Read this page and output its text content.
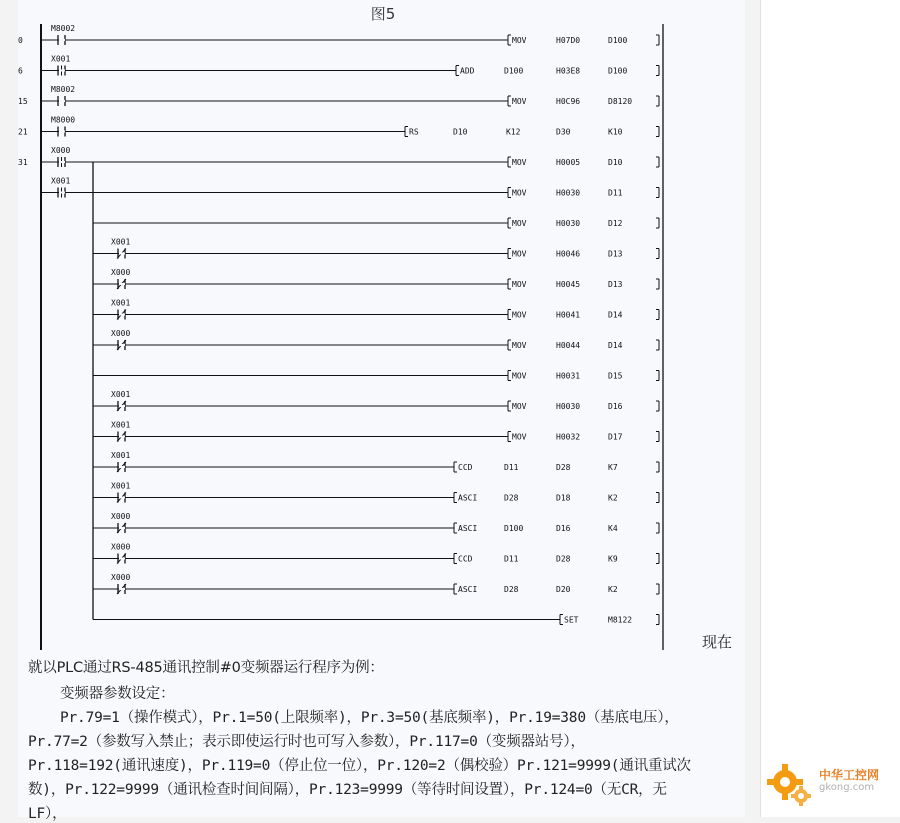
图5
0
M8002
MOV	H07D0	D100
6
X001
ADD	D100	H03E8	D100
15
M8002
MOV	H0C96	D8120
21
M8000
RS	D10	K12	D30	K10
31
X000
X001
MOV	H0005	D10
MOV	H0030	D11
MOV	H0030	D12
X001
MOV	H0046	D13
X000
MOV	H0045	D13
X001
MOV	H0041	D14
X000
MOV	H0044	D14
MOV	H0031	D15
X001
MOV	H0030	D16
X001
MOV	H0032	D17
X001
CCD	D11	D28	K7
X001
ASCI	D28	D18	K2
X000
ASCI	D100	D16	K4
X000
CCD	D11	D28	K9
X000
ASCI	D28	D20	K2
SET	M8122
现在
就以PLC通过RS-485通讯控制#0变频器运行程序为例：
变频器参数设定：
Pr.79=1（操作模式），Pr.1=50(上限频率)，Pr.3=50(基底频率)，Pr.19=380（基底电压），
Pr.77=2（参数写入禁止；表示即使运行时也可写入参数），Pr.117=0（变频器站号），
Pr.118=192(通讯速度)，Pr.119=0（停止位一位），Pr.120=2（偶校验）Pr.121=9999(通讯重试次
数)，Pr.122=9999（通讯检查时间间隔），Pr.123=9999（等待时间设置），Pr.124=0（无CR，无
LF），
中华工控网
gkong.com
